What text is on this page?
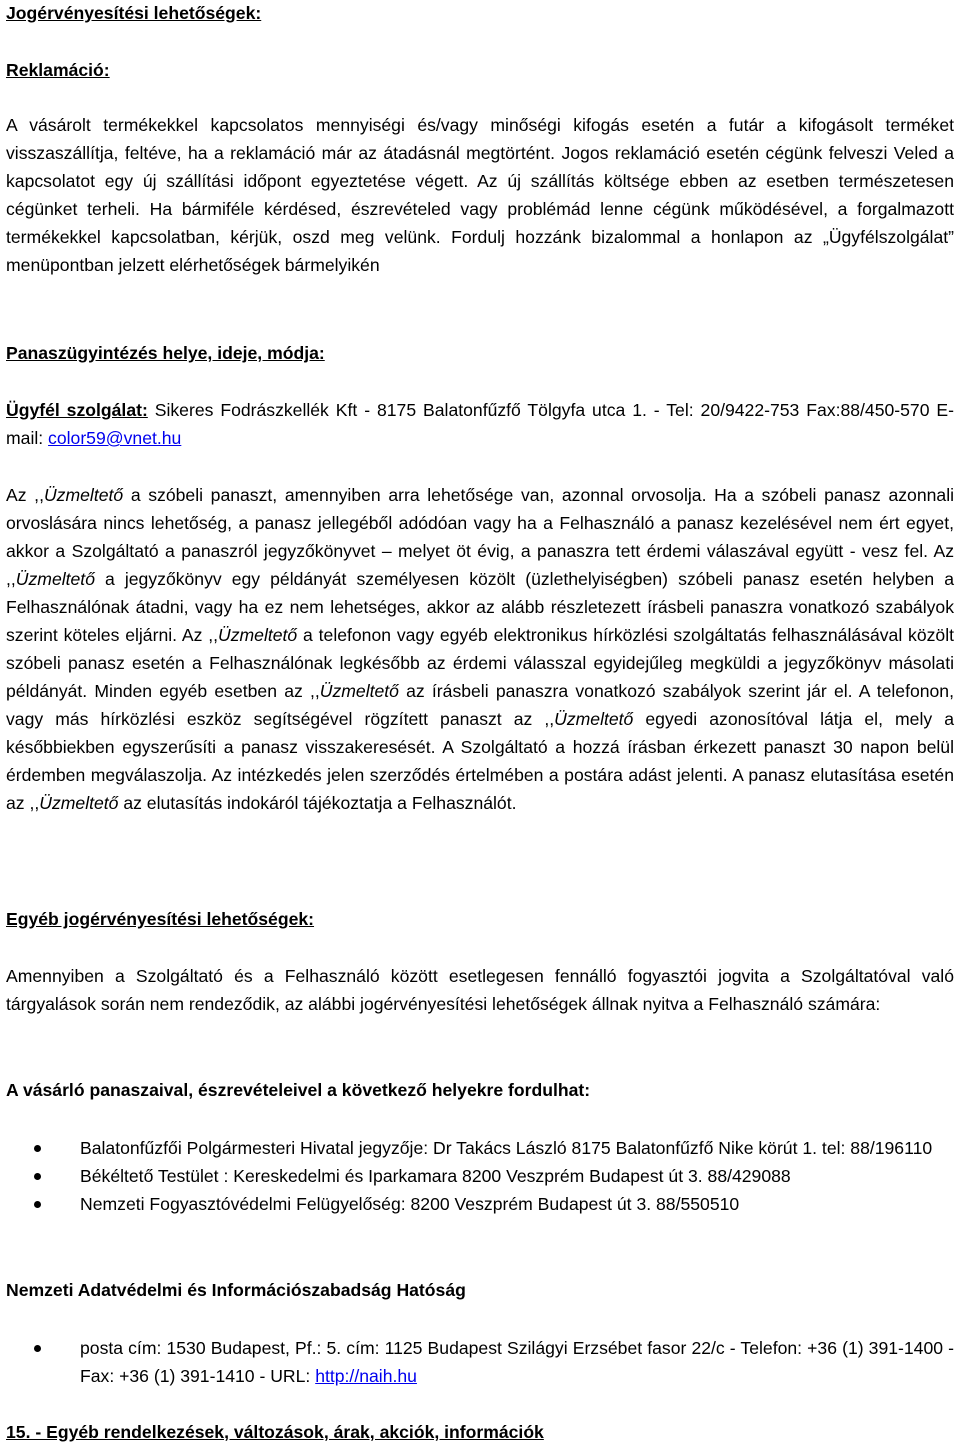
Jogérvényesítési lehetőségek:

Reklamáció:

A vásárolt termékekkel kapcsolatos mennyiségi és/vagy minőségi kifogás esetén a futár a kifogásolt terméket visszaszállítja, feltéve, ha a reklamáció már az átadásnál megtörtént. Jogos reklamáció esetén cégünk felveszi Veled a kapcsolatot egy új szállítási időpont egyeztetése végett. Az új szállítás költsége ebben az esetben természetesen cégünket terheli. Ha bármiféle kérdésed, észrevételed vagy problémád lenne cégünk működésével, a forgalmazott termékekkel kapcsolatban, kérjük, oszd meg velünk. Fordulj hozzánk bizalommal a honlapon az „Ügyfélszolgálat” menüpontban jelzett elérhetőségek bármelyikén

Panaszügyintézés helye, ideje, módja:

Ügyfél szolgálat: Sikeres Fodrászkellék Kft - 8175 Balatonfűzfő Tölgyfa utca 1. - Tel: 20/9422-753 Fax:88/450-570 E-mail: color59@vnet.hu

Az ,,Üzmeltető a szóbeli panaszt, amennyiben arra lehetősége van, azonnal orvosolja. Ha a szóbeli panasz azonnali orvoslására nincs lehetőség, a panasz jellegéből adódóan vagy ha a Felhasználó a panasz kezelésével nem ért egyet, akkor a Szolgáltató a panaszról jegyzőkönyvet – melyet öt évig, a panaszra tett érdemi válaszával együtt - vesz fel. Az ,,Üzmeltető a jegyzőkönyv egy példányát személyesen közölt (üzlethelyiségben) szóbeli panasz esetén helyben a Felhasználónak átadni, vagy ha ez nem lehetséges, akkor az alább részletezett írásbeli panaszra vonatkozó szabályok szerint köteles eljárni. Az ,,Üzmeltető a telefonon vagy egyéb elektronikus hírközlési szolgáltatás felhasználásával közölt szóbeli panasz esetén a Felhasználónak legkésőbb az érdemi válasszal egyidejűleg megküldi a jegyzőkönyv másolati példányát. Minden egyéb esetben az ,,Üzmeltető az írásbeli panaszra vonatkozó szabályok szerint jár el. A telefonon, vagy más hírközlési eszköz segítségével rögzített panaszt az ,,Üzmeltető egyedi azonosítóval látja el, mely a későbbiekben egyszerűsíti a panasz visszakeresését. A Szolgáltató a hozzá írásban érkezett panaszt 30 napon belül érdemben megválaszolja. Az intézkedés jelen szerződés értelmében a postára adást jelenti. A panasz elutasítása esetén az ,,Üzmeltető az elutasítás indokáról tájékoztatja a Felhasználót.

Egyéb jogérvényesítési lehetőségek:

Amennyiben a Szolgáltató és a Felhasználó között esetlegesen fennálló fogyasztói jogvita a Szolgáltatóval való tárgyalások során nem rendeződik, az alábbi jogérvényesítési lehetőségek állnak nyitva a Felhasználó számára:

A vásárló panaszaival, észrevételeivel a következő helyekre fordulhat:

Balatonfűzfői Polgármesteri Hivatal jegyzője: Dr Takács László 8175 Balatonfűzfő Nike körút 1. tel: 88/196110
Békéltető Testület : Kereskedelmi és Iparkamara 8200 Veszprém Budapest út 3. 88/429088
Nemzeti Fogyasztóvédelmi Felügyelőség: 8200 Veszprém Budapest út 3. 88/550510

Nemzeti Adatvédelmi és Információszabadság Hatóság

posta cím: 1530 Budapest, Pf.: 5. cím: 1125 Budapest Szilágyi Erzsébet fasor 22/c - Telefon: +36 (1) 391-1400 - Fax: +36 (1) 391-1410 - URL: http://naih.hu

15. - Egyéb rendelkezések, változások, árak, akciók, információk
